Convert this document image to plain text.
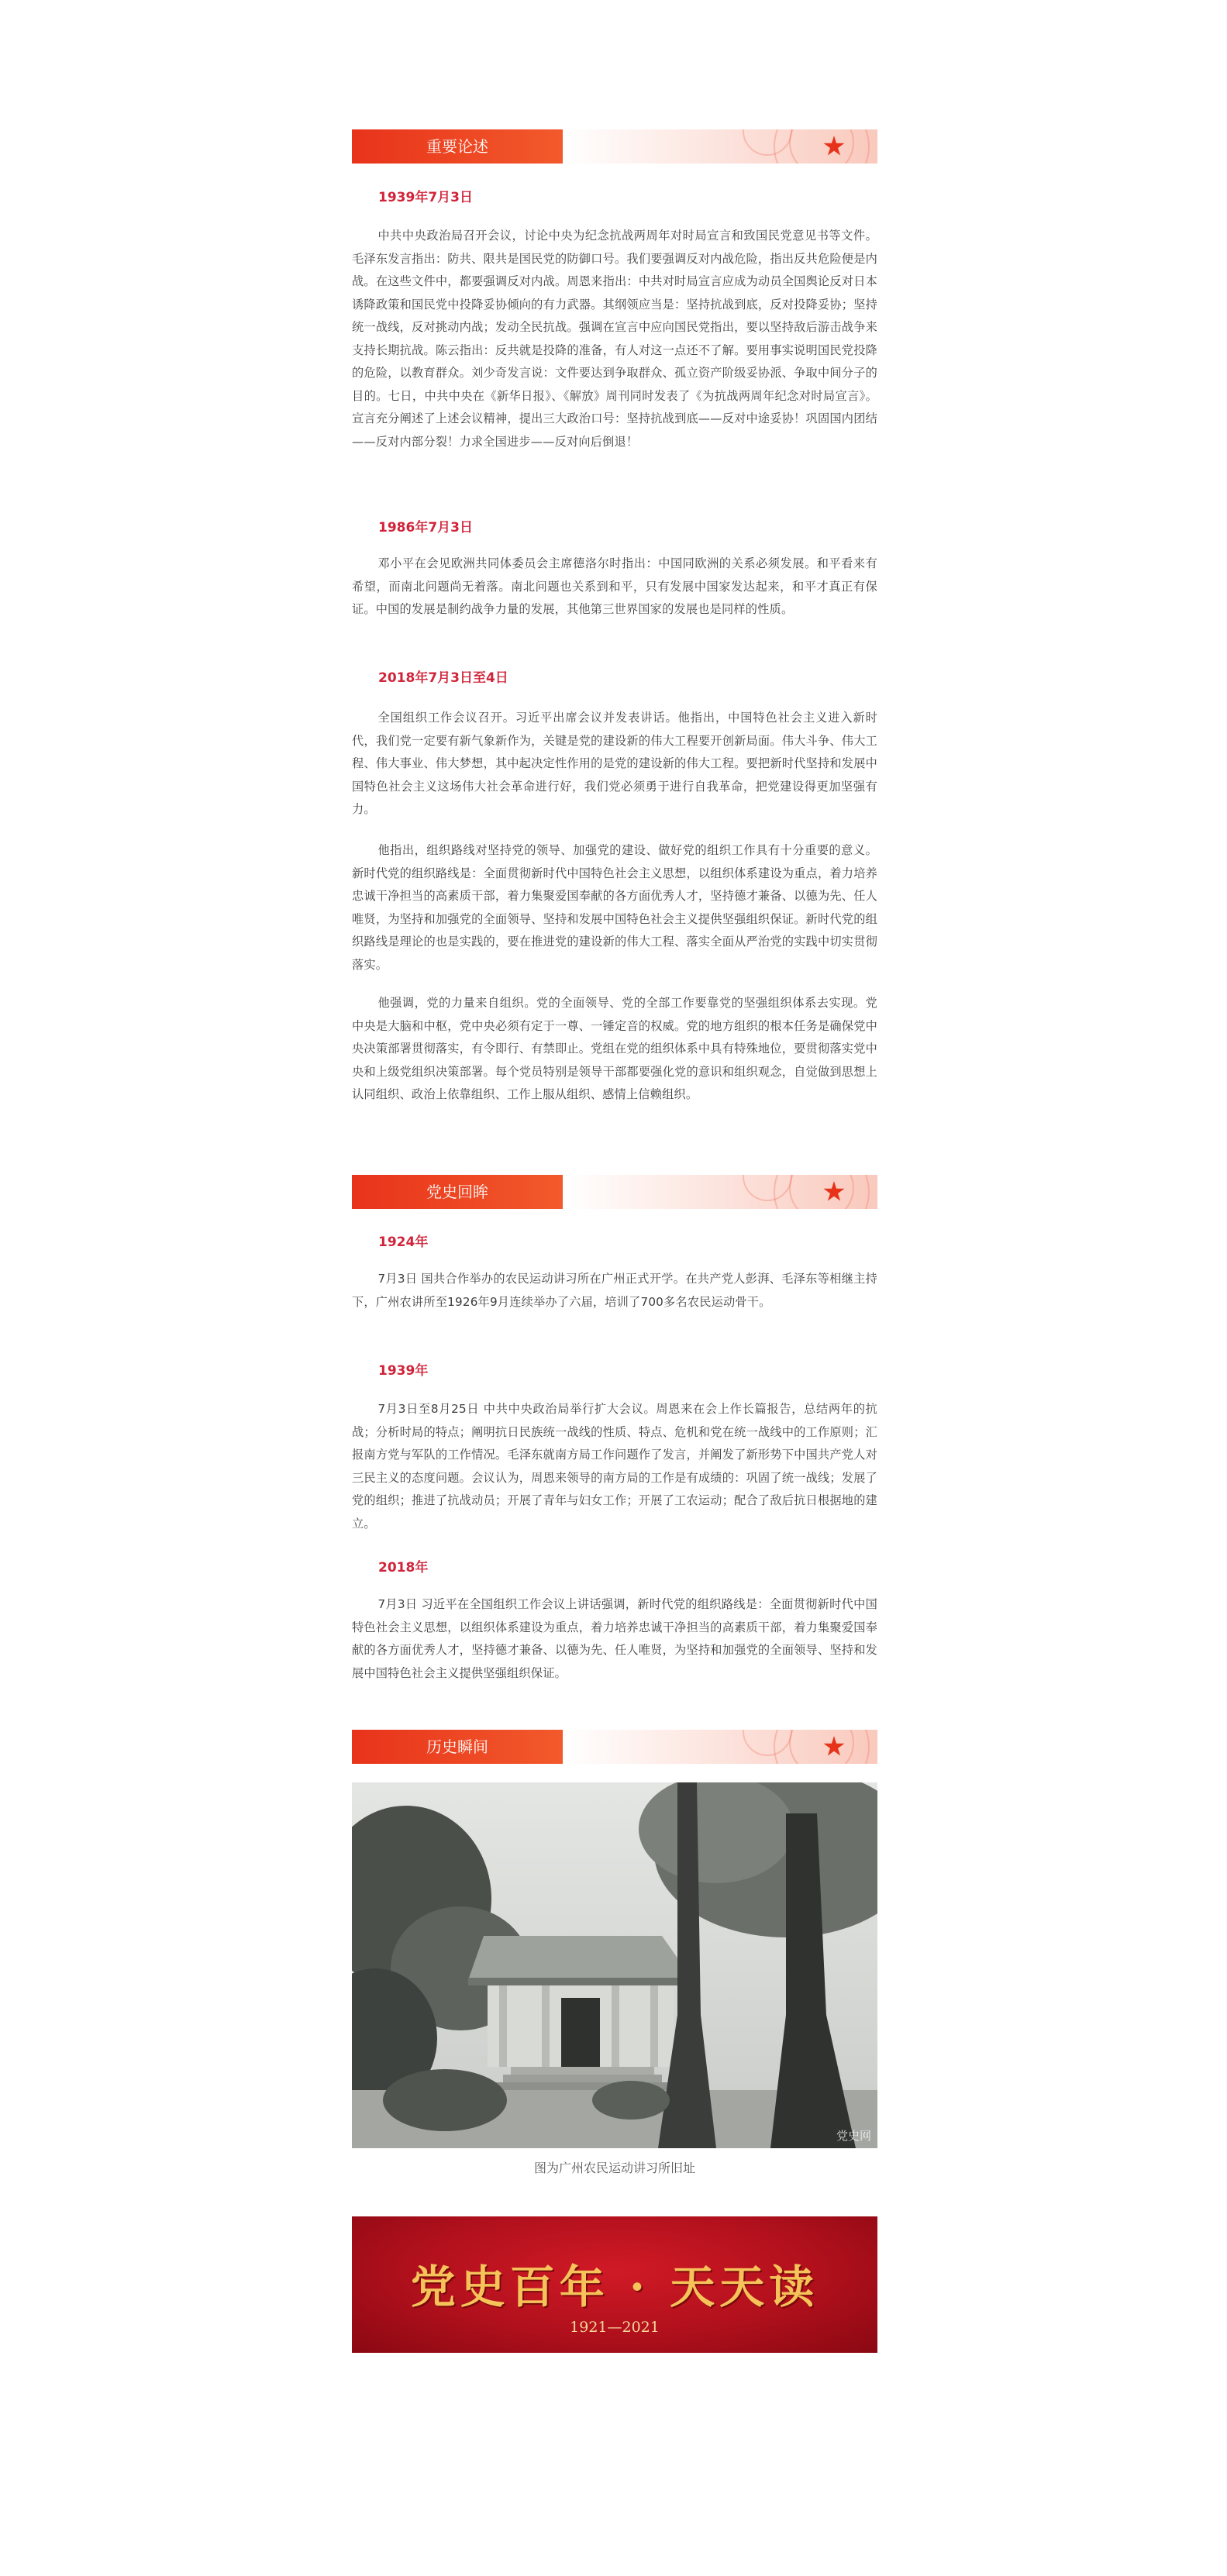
重要论述
1939年7月3日

中共中央政治局召开会议，讨论中央为纪念抗战两周年对时局宣言和致国民党意见书等文件。毛泽东发言指出：防共、限共是国民党的防御口号。我们要强调反对内战危险，指出反共危险便是内战。在这些文件中，都要强调反对内战。周恩来指出：中共对时局宣言应成为动员全国舆论反对日本诱降政策和国民党中投降妥协倾向的有力武器。其纲领应当是：坚持抗战到底，反对投降妥协；坚持统一战线，反对挑动内战；发动全民抗战。强调在宣言中应向国民党指出，要以坚持敌后游击战争来支持长期抗战。陈云指出：反共就是投降的准备，有人对这一点还不了解。要用事实说明国民党投降的危险，以教育群众。刘少奇发言说：文件要达到争取群众、孤立资产阶级妥协派、争取中间分子的目的。七日，中共中央在《新华日报》、《解放》周刊同时发表了《为抗战两周年纪念对时局宣言》。宣言充分阐述了上述会议精神，提出三大政治口号：坚持抗战到底——反对中途妥协！巩固国内团结——反对内部分裂！力求全国进步——反对向后倒退！

1986年7月3日

邓小平在会见欧洲共同体委员会主席德洛尔时指出：中国同欧洲的关系必须发展。和平看来有希望，而南北问题尚无着落。南北问题也关系到和平，只有发展中国家发达起来，和平才真正有保证。中国的发展是制约战争力量的发展，其他第三世界国家的发展也是同样的性质。

2018年7月3日至4日

全国组织工作会议召开。习近平出席会议并发表讲话。他指出，中国特色社会主义进入新时代，我们党一定要有新气象新作为，关键是党的建设新的伟大工程要开创新局面。伟大斗争、伟大工程、伟大事业、伟大梦想，其中起决定性作用的是党的建设新的伟大工程。要把新时代坚持和发展中国特色社会主义这场伟大社会革命进行好，我们党必须勇于进行自我革命，把党建设得更加坚强有力。

他指出，组织路线对坚持党的领导、加强党的建设、做好党的组织工作具有十分重要的意义。新时代党的组织路线是：全面贯彻新时代中国特色社会主义思想，以组织体系建设为重点，着力培养忠诚干净担当的高素质干部，着力集聚爱国奉献的各方面优秀人才，坚持德才兼备、以德为先、任人唯贤，为坚持和加强党的全面领导、坚持和发展中国特色社会主义提供坚强组织保证。新时代党的组织路线是理论的也是实践的，要在推进党的建设新的伟大工程、落实全面从严治党的实践中切实贯彻落实。

他强调，党的力量来自组织。党的全面领导、党的全部工作要靠党的坚强组织体系去实现。党中央是大脑和中枢，党中央必须有定于一尊、一锤定音的权威。党的地方组织的根本任务是确保党中央决策部署贯彻落实，有令即行、有禁即止。党组在党的组织体系中具有特殊地位，要贯彻落实党中央和上级党组织决策部署。每个党员特别是领导干部都要强化党的意识和组织观念，自觉做到思想上认同组织、政治上依靠组织、工作上服从组织、感情上信赖组织。

党史回眸
1924年

7月3日 国共合作举办的农民运动讲习所在广州正式开学。在共产党人彭湃、毛泽东等相继主持下，广州农讲所至1926年9月连续举办了六届，培训了700多名农民运动骨干。

1939年

7月3日至8月25日 中共中央政治局举行扩大会议。周恩来在会上作长篇报告，总结两年的抗战；分析时局的特点；阐明抗日民族统一战线的性质、特点、危机和党在统一战线中的工作原则；汇报南方党与军队的工作情况。毛泽东就南方局工作问题作了发言，并阐发了新形势下中国共产党人对三民主义的态度问题。会议认为，周恩来领导的南方局的工作是有成绩的：巩固了统一战线；发展了党的组织；推进了抗战动员；开展了青年与妇女工作；开展了工农运动；配合了敌后抗日根据地的建立。

2018年

7月3日 习近平在全国组织工作会议上讲话强调，新时代党的组织路线是：全面贯彻新时代中国特色社会主义思想，以组织体系建设为重点，着力培养忠诚干净担当的高素质干部，着力集聚爱国奉献的各方面优秀人才，坚持德才兼备、以德为先、任人唯贤，为坚持和加强党的全面领导、坚持和发展中国特色社会主义提供坚强组织保证。

历史瞬间
党史网
图为广州农民运动讲习所旧址
党史百年 · 天天读
1921—2021
